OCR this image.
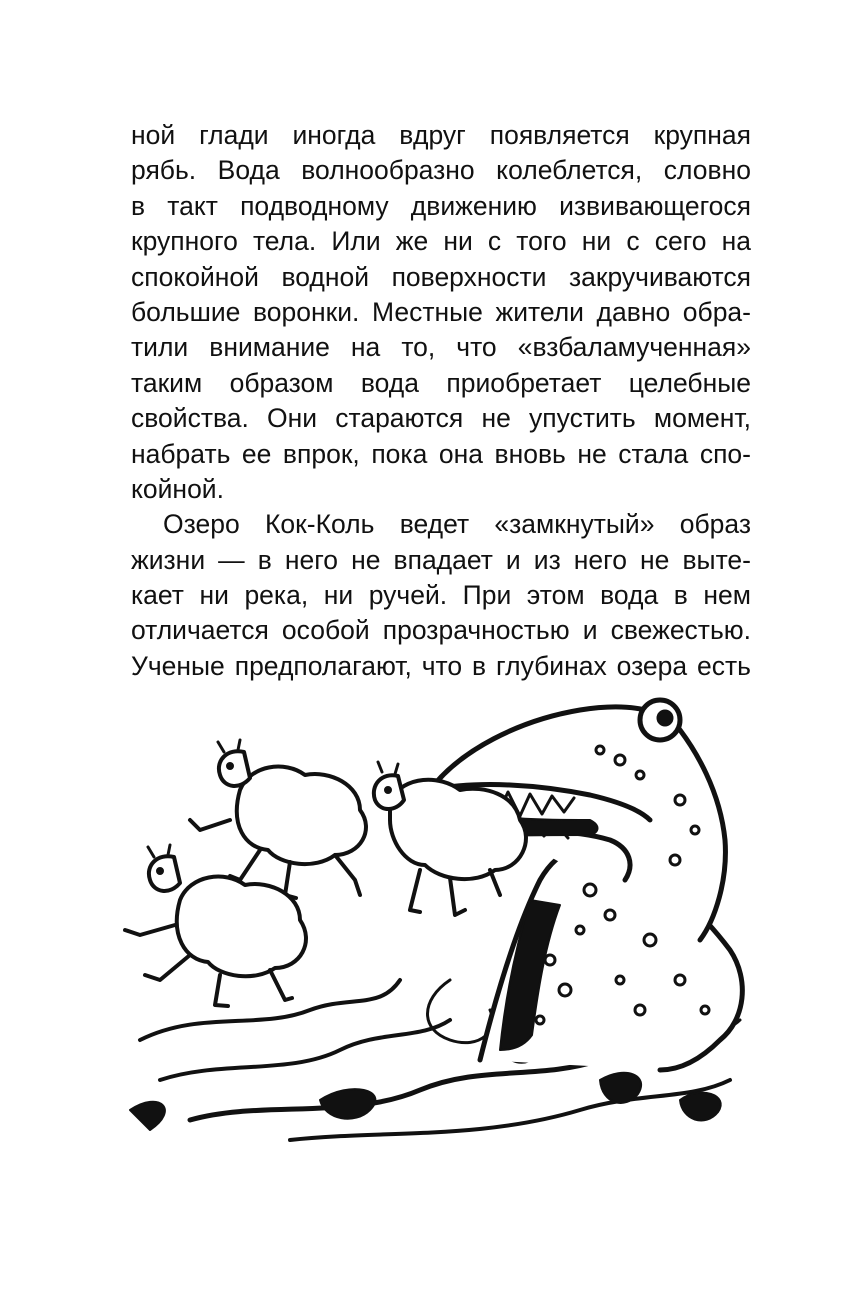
ной глади иногда вдруг появляется крупная
рябь. Вода волнообразно колеблется, словно
в такт подводному движению извивающегося
крупного тела. Или же ни с того ни с сего на
спокойной водной поверхности закручиваются
большие воронки. Местные жители давно обра-
тили внимание на то, что «взбаламученная»
таким образом вода приобретает целебные
свойства. Они стараются не упустить момент,
набрать ее впрок, пока она вновь не стала спо-
койной.
Озеро Кок-Коль ведет «замкнутый» образ
жизни — в него не впадает и из него не выте-
кает ни река, ни ручей. При этом вода в нем
отличается особой прозрачностью и свежестью.
Ученые предполагают, что в глубинах озера есть
